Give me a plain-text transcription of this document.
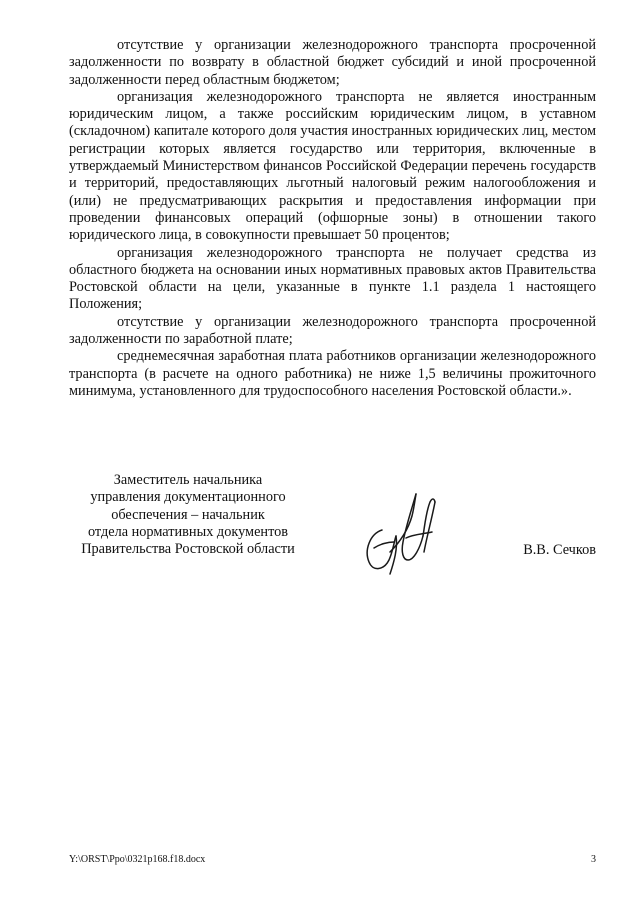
отсутствие у организации железнодорожного транспорта просроченной задолженности по возврату в областной бюджет субсидий и иной просроченной задолженности перед областным бюджетом;

организация железнодорожного транспорта не является иностранным юридическим лицом, а также российским юридическим лицом, в уставном (складочном) капитале которого доля участия иностранных юридических лиц, местом регистрации которых является государство или территория, включенные в утверждаемый Министерством финансов Российской Федерации перечень государств и территорий, предоставляющих льготный налоговый режим налогообложения и (или) не предусматривающих раскрытия и предоставления информации при проведении финансовых операций (офшорные зоны) в отношении такого юридического лица, в совокупности превышает 50 процентов;

организация железнодорожного транспорта не получает средства из областного бюджета на основании иных нормативных правовых актов Правительства Ростовской области на цели, указанные в пункте 1.1 раздела 1 настоящего Положения;

отсутствие у организации железнодорожного транспорта просроченной задолженности по заработной плате;

среднемесячная заработная плата работников организации железнодорожного транспорта (в расчете на одного работника) не ниже 1,5 величины прожиточного минимума, установленного для трудоспособного населения Ростовской области.».

Заместитель начальника
управления документационного
обеспечения – начальник
отдела нормативных документов
Правительства Ростовской области	В.В. Сечков
Y:\ORST\Ppo\0321p168.f18.docx	3
